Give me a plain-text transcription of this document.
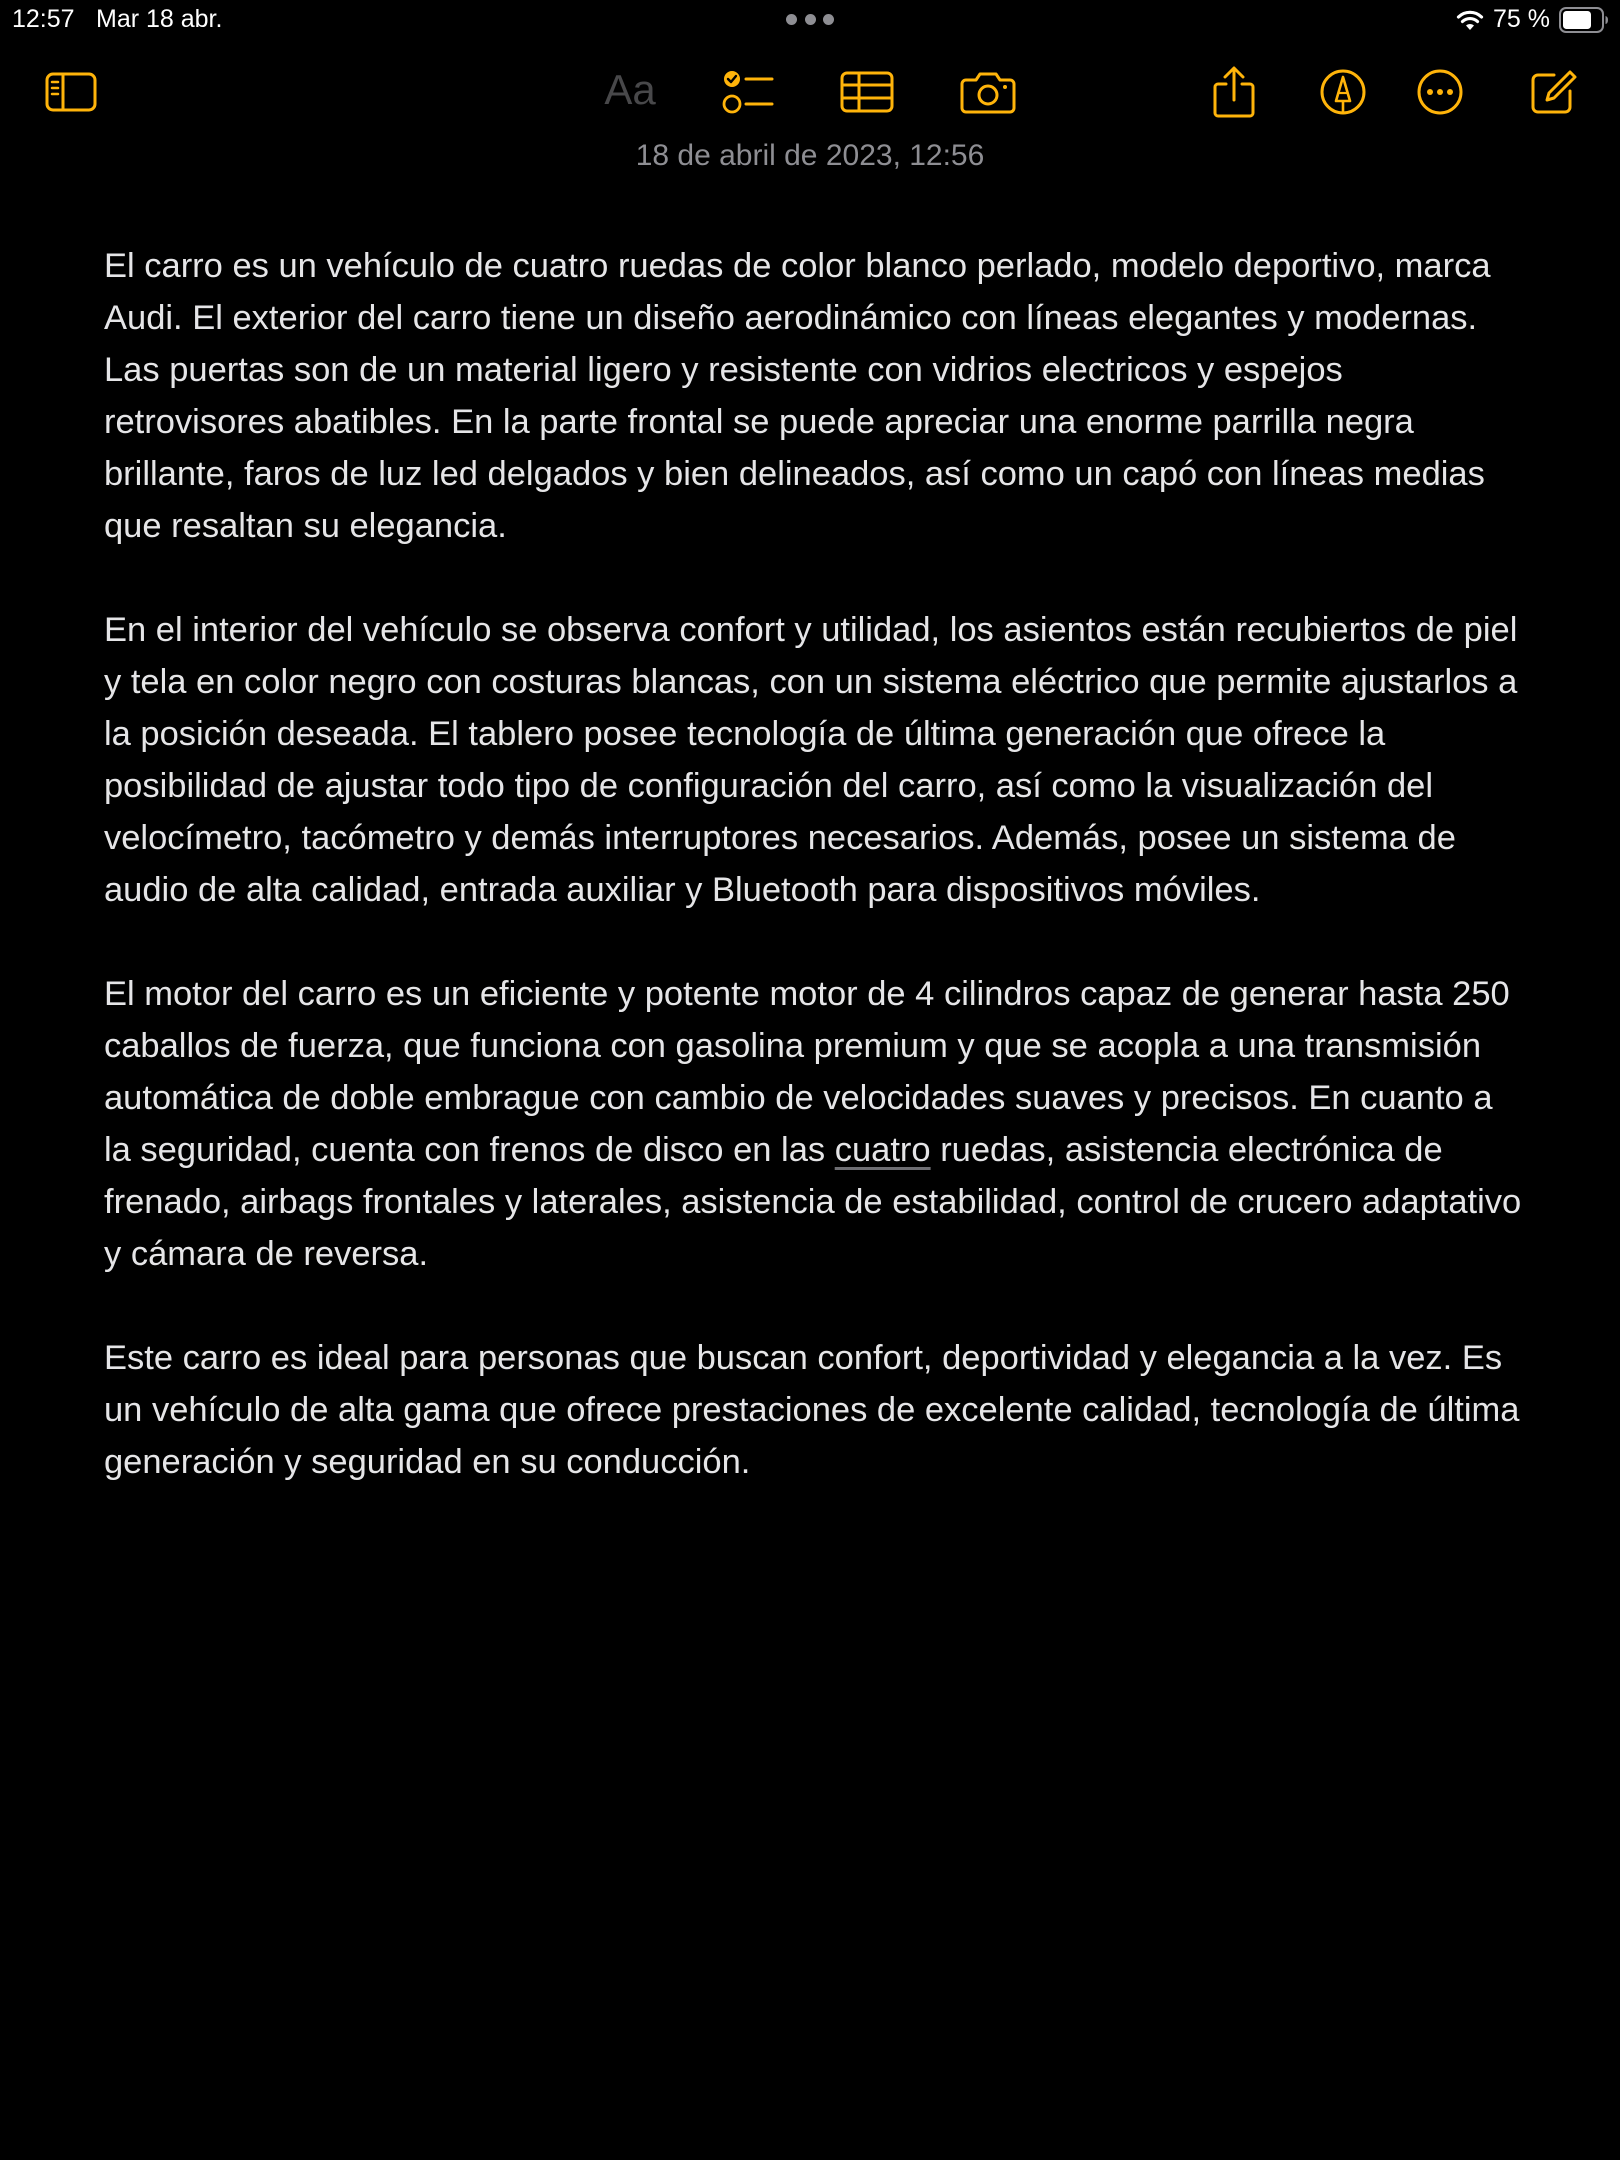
12:57 Mar 18 abr.	75 %
Aa
18 de abril de 2023, 12:56

El carro es un vehículo de cuatro ruedas de color blanco perlado, modelo deportivo, marca Audi. El exterior del carro tiene un diseño aerodinámico con líneas elegantes y modernas. Las puertas son de un material ligero y resistente con vidrios electricos y espejos retrovisores abatibles. En la parte frontal se puede apreciar una enorme parrilla negra brillante, faros de luz led delgados y bien delineados, así como un capó con líneas medias que resaltan su elegancia.

En el interior del vehículo se observa confort y utilidad, los asientos están recubiertos de piel y tela en color negro con costuras blancas, con un sistema eléctrico que permite ajustarlos a la posición deseada. El tablero posee tecnología de última generación que ofrece la posibilidad de ajustar todo tipo de configuración del carro, así como la visualización del velocímetro, tacómetro y demás interruptores necesarios. Además, posee un sistema de audio de alta calidad, entrada auxiliar y Bluetooth para dispositivos móviles.

El motor del carro es un eficiente y potente motor de 4 cilindros capaz de generar hasta 250 caballos de fuerza, que funciona con gasolina premium y que se acopla a una transmisión automática de doble embrague con cambio de velocidades suaves y precisos. En cuanto a la seguridad, cuenta con frenos de disco en las cuatro ruedas, asistencia electrónica de frenado, airbags frontales y laterales, asistencia de estabilidad, control de crucero adaptativo y cámara de reversa.

Este carro es ideal para personas que buscan confort, deportividad y elegancia a la vez. Es un vehículo de alta gama que ofrece prestaciones de excelente calidad, tecnología de última generación y seguridad en su conducción.
